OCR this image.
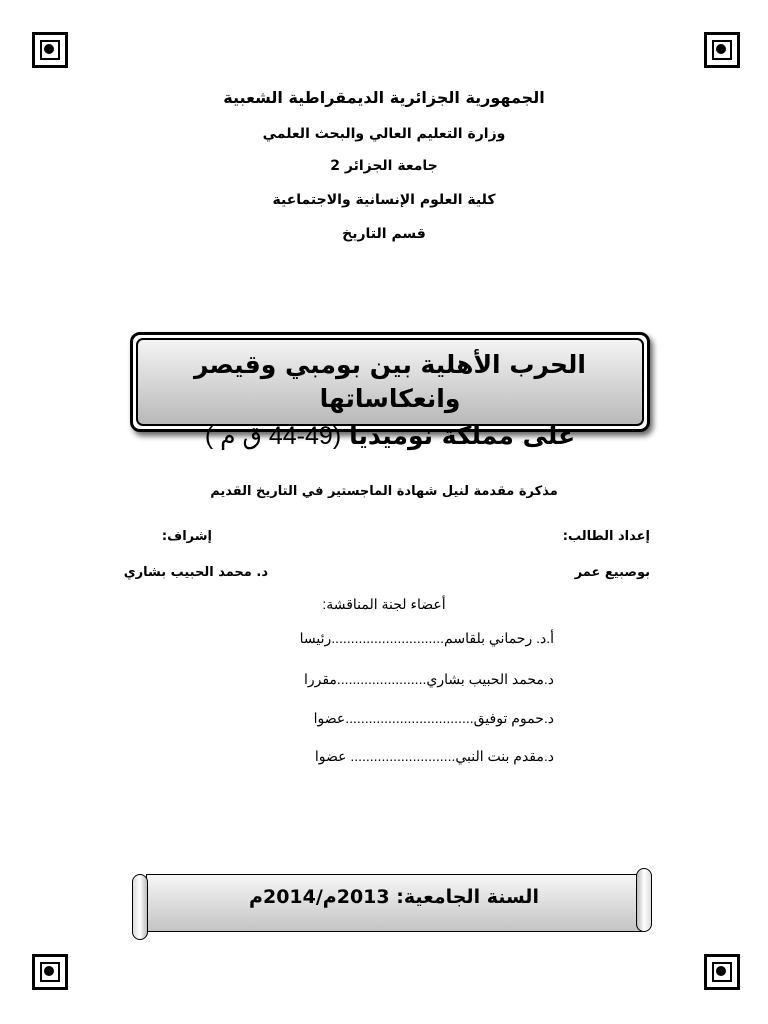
الجمهورية الجزائرية الديمقراطية الشعبية
وزارة التعليم العالي والبحث العلمي
جامعة الجزائر 2
كلية العلوم الإنسانية والاجتماعية
قسم التاريخ
الحرب الأهلية بين بومبي وقيصر وانعكاساتها
على مملكة نوميديا (49-44 ق م )
مذكرة مقدمة لنيل شهادة الماجستير في التاريخ القديم
إعداد الطالب:
إشراف:
بوصبيع عمر
د. محمد الحبيب بشاري
أعضاء لجنة المناقشة:
أ.د. رحماني بلقاسم.............................رئيسا
د.محمد الحبيب بشاري.......................مقررا
د.حموم توفيق.................................عضوا
د.مقدم بنت النبي........................... عضوا
السنة الجامعية: 2013م/2014م
